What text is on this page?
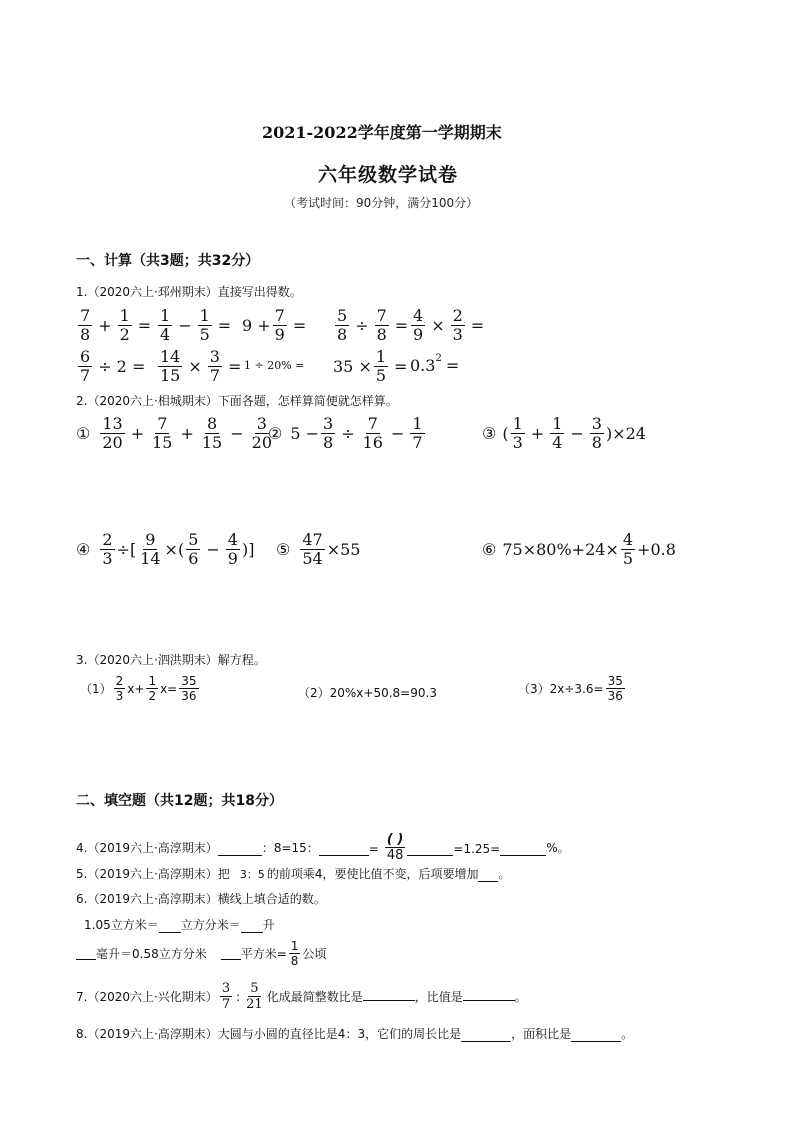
2021-2022学年度第一学期期末
六年级数学试卷
（考试时间：90分钟，满分100分）
一、计算（共3题；共32分）
1.（2020六上·邳州期末）直接写出得数。
7
$8 + \frac{1}{2}$ =
1
$4 - \frac{1}{5} = 9 + \frac{7}{9} = \frac{5}{8} \div \frac{7}{8} = \frac{4}{9} \times \frac{2}{3}$ =
$\frac{6}{7} \div 2 = \frac{14}{15} \times \frac{3}{7} = 1 \div 20\% = 35 \times \frac{1}{5} = 0.3^2$ =
2.（2020六上·相城期末）下面各题，怎样算简便就怎样算。
①
13
$20 + \frac{7}{15} + \frac{8}{15} - \frac{3}{20}$
② $5 - \frac{3}{8} \div \frac{7}{16} - \frac{1}{7}$	③ (
1
$3 + \frac{1}{4} - \frac{3}{8} )\times 24$
④ $\frac{2}{3}$ ÷[ $\frac{9}{14}$ ×(
5
$6 - \frac{4}{9}$ )] ⑤ $\frac{47}{54} \times 55$	⑥ $75\times 80\%+24\times \frac{4}{5} +0.8$
3.（2020六上·泗洪期末）解方程。
（1）
2
3
$x+ \frac{1}{2} x= \frac{35}{36}$	（2）20%x+50.8=90.3	$(3)2x\div 3.6= \frac{35}{36}$
二、填空题（共12题；共18分）
4.（2019六上·高淳期末）	：8=15：	=
( )
48	=1.25=	%。
5.（2019六上·高淳期末）把 3：5 的前项乘4，要使比值不变，后项要增加 。
6.（2019六上·高淳期末）横线上填合适的数。
1.05立方米＝ 立方分米＝ 升
毫升＝0.58立方分米	平方米= $\frac{1}{8}$ 公顷
7.（2020六上·兴化期末）
3
7
:
5
21 化成最简整数比是	，比值是	。
8.（2019六上·高淳期末）大圆与小圆的直径比是4：3，它们的周长比是	，面积比是	。
